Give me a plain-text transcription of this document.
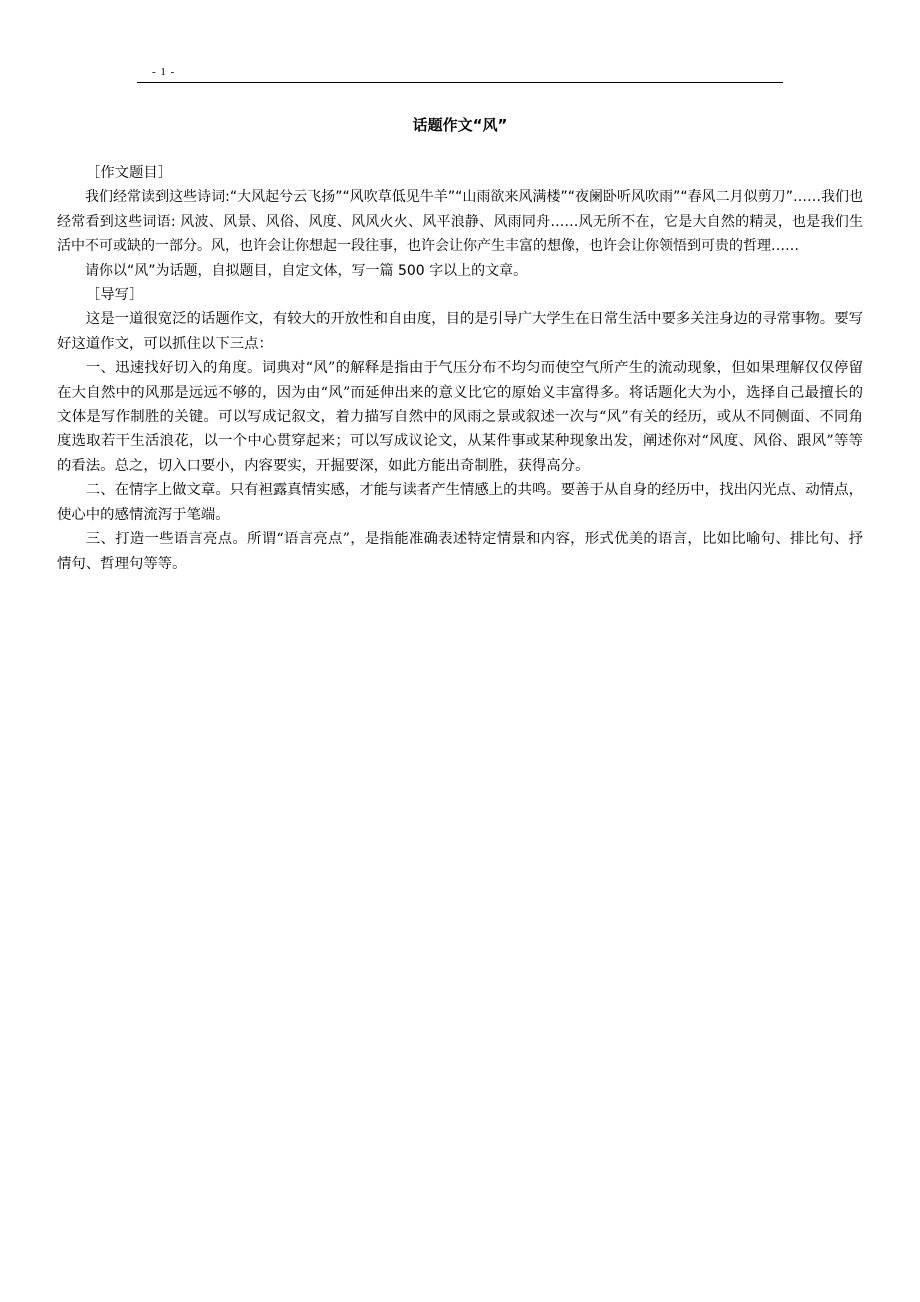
- 1 -
话题作文“风”

［作文题目］

我们经常读到这些诗词:“大风起兮云飞扬”“风吹草低见牛羊”“山雨欲来风满楼”“夜阑卧听风吹雨”“春风二月似剪刀”……我们也经常看到这些词语: 风波、风景、风俗、风度、风风火火、风平浪静、风雨同舟……风无所不在，它是大自然的精灵，也是我们生活中不可或缺的一部分。风，也许会让你想起一段往事，也许会让你产生丰富的想像，也许会让你领悟到可贵的哲理……

请你以“风”为话题，自拟题目，自定文体，写一篇 500 字以上的文章。

［导写］

这是一道很宽泛的话题作文，有较大的开放性和自由度，目的是引导广大学生在日常生活中要多关注身边的寻常事物。要写好这道作文，可以抓住以下三点：

一、迅速找好切入的角度。词典对“风”的解释是指由于气压分布不均匀而使空气所产生的流动现象，但如果理解仅仅停留在大自然中的风那是远远不够的，因为由“风”而延伸出来的意义比它的原始义丰富得多。将话题化大为小，选择自己最擅长的文体是写作制胜的关键。可以写成记叙文，着力描写自然中的风雨之景或叙述一次与“风”有关的经历，或从不同侧面、不同角度选取若干生活浪花，以一个中心贯穿起来；可以写成议论文，从某件事或某种现象出发，阐述你对“风度、风俗、跟风”等等的看法。总之，切入口要小，内容要实，开掘要深，如此方能出奇制胜，获得高分。

二、在情字上做文章。只有袒露真情实感，才能与读者产生情感上的共鸣。要善于从自身的经历中，找出闪光点、动情点，使心中的感情流泻于笔端。

三、打造一些语言亮点。所谓“语言亮点”，是指能准确表述特定情景和内容，形式优美的语言，比如比喻句、排比句、抒情句、哲理句等等。
